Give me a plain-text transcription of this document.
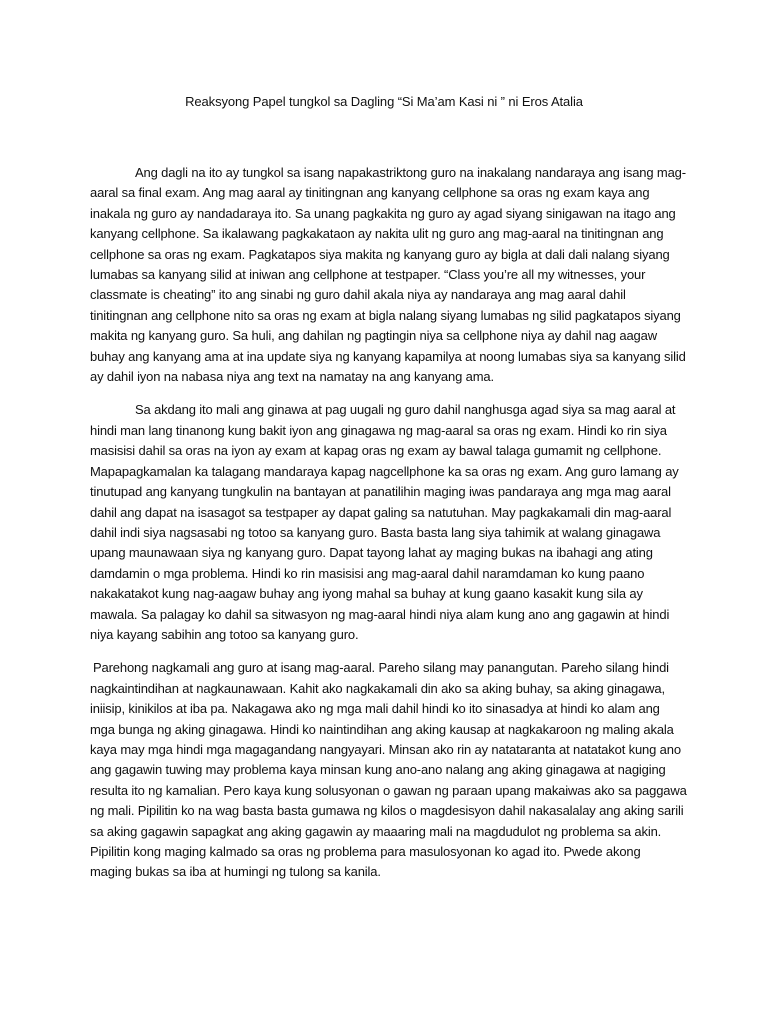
Reaksyong Papel tungkol sa Dagling “Si Ma’am Kasi ni ” ni Eros Atalia
Ang dagli na ito ay tungkol sa isang napakastriktong guro na inakalang nandaraya ang isang mag-
aaral sa final exam. Ang mag aaral ay tinitingnan ang kanyang cellphone sa oras ng exam kaya ang
inakala ng guro ay nandadaraya ito. Sa unang pagkakita ng guro ay agad siyang sinigawan na itago ang
kanyang cellphone. Sa ikalawang pagkakataon ay nakita ulit ng guro ang mag-aaral na tinitingnan ang
cellphone sa oras ng exam. Pagkatapos siya makita ng kanyang guro ay bigla at dali dali nalang siyang
lumabas sa kanyang silid at iniwan ang cellphone at testpaper. “Class you’re all my witnesses, your
classmate is cheating” ito ang sinabi ng guro dahil akala niya ay nandaraya ang mag aaral dahil
tinitingnan ang cellphone nito sa oras ng exam at bigla nalang siyang lumabas ng silid pagkatapos siyang
makita ng kanyang guro. Sa huli, ang dahilan ng pagtingin niya sa cellphone niya ay dahil nag aagaw
buhay ang kanyang ama at ina update siya ng kanyang kapamilya at noong lumabas siya sa kanyang silid
ay dahil iyon na nabasa niya ang text na namatay na ang kanyang ama.
Sa akdang ito mali ang ginawa at pag uugali ng guro dahil nanghusga agad siya sa mag aaral at
hindi man lang tinanong kung bakit iyon ang ginagawa ng mag-aaral sa oras ng exam. Hindi ko rin siya
masisisi dahil sa oras na iyon ay exam at kapag oras ng exam ay bawal talaga gumamit ng cellphone.
Mapapagkamalan ka talagang mandaraya kapag nagcellphone ka sa oras ng exam. Ang guro lamang ay
tinutupad ang kanyang tungkulin na bantayan at panatilihin maging iwas pandaraya ang mga mag aaral
dahil ang dapat na isasagot sa testpaper ay dapat galing sa natutuhan. May pagkakamali din mag-aaral
dahil indi siya nagsasabi ng totoo sa kanyang guro. Basta basta lang siya tahimik at walang ginagawa
upang maunawaan siya ng kanyang guro. Dapat tayong lahat ay maging bukas na ibahagi ang ating
damdamin o mga problema. Hindi ko rin masisisi ang mag-aaral dahil naramdaman ko kung paano
nakakatakot kung nag-aagaw buhay ang iyong mahal sa buhay at kung gaano kasakit kung sila ay
mawala. Sa palagay ko dahil sa sitwasyon ng mag-aaral hindi niya alam kung ano ang gagawin at hindi
niya kayang sabihin ang totoo sa kanyang guro.
Parehong nagkamali ang guro at isang mag-aaral. Pareho silang may panangutan. Pareho silang hindi
nagkaintindihan at nagkaunawaan. Kahit ako nagkakamali din ako sa aking buhay, sa aking ginagawa,
iniisip, kinikilos at iba pa. Nakagawa ako ng mga mali dahil hindi ko ito sinasadya at hindi ko alam ang
mga bunga ng aking ginagawa. Hindi ko naintindihan ang aking kausap at nagkakaroon ng maling akala
kaya may mga hindi mga magagandang nangyayari. Minsan ako rin ay natataranta at natatakot kung ano
ang gagawin tuwing may problema kaya minsan kung ano-ano nalang ang aking ginagawa at nagiging
resulta ito ng kamalian. Pero kaya kung solusyonan o gawan ng paraan upang makaiwas ako sa paggawa
ng mali. Pipilitin ko na wag basta basta gumawa ng kilos o magdesisyon dahil nakasalalay ang aking sarili
sa aking gagawin sapagkat ang aking gagawin ay maaaring mali na magdudulot ng problema sa akin.
Pipilitin kong maging kalmado sa oras ng problema para masulosyonan ko agad ito. Pwede akong
maging bukas sa iba at humingi ng tulong sa kanila.
